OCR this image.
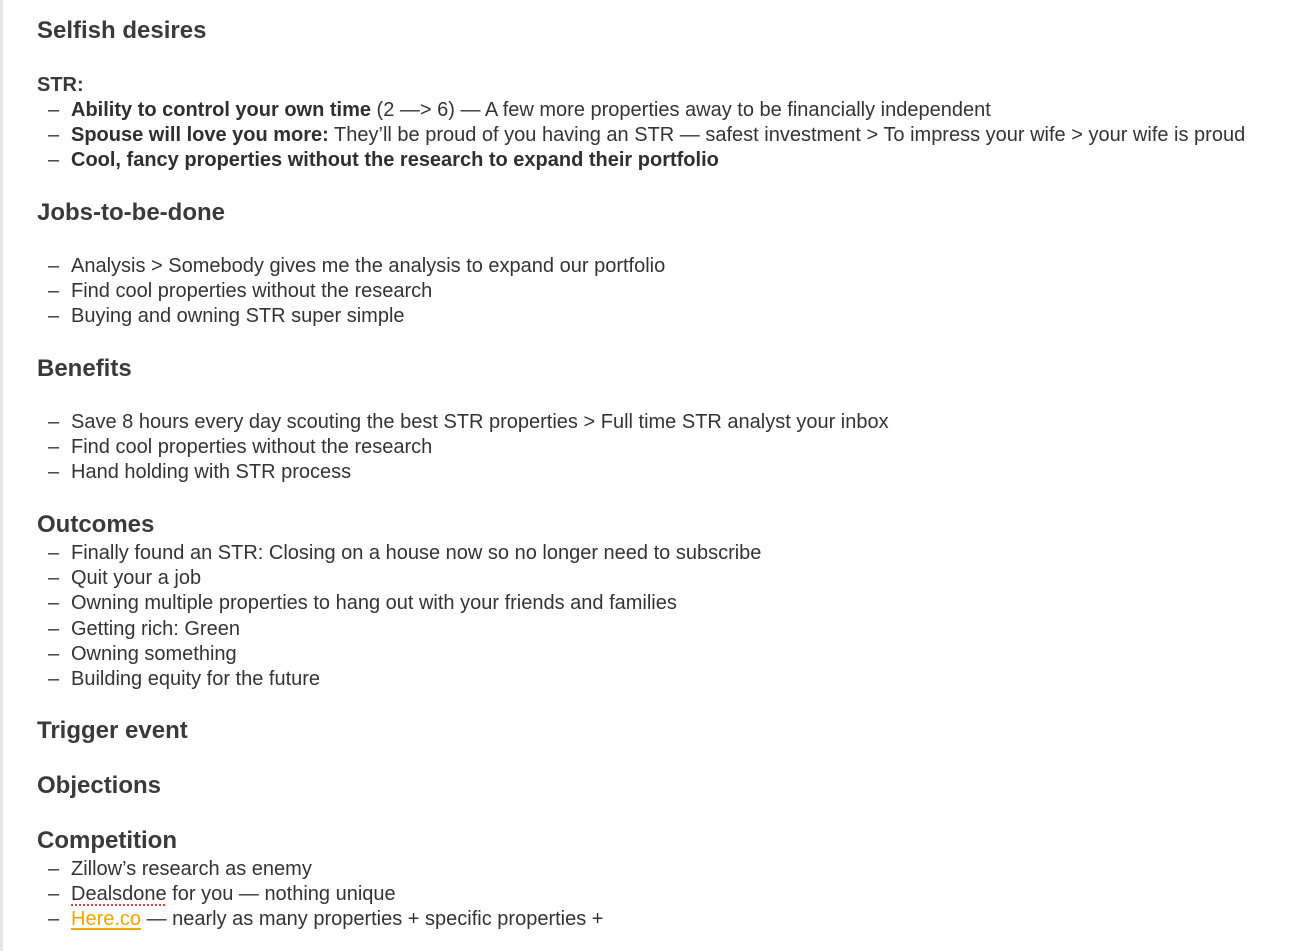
Selfish desires
STR:
– Ability to control your own time (2 —> 6) — A few more properties away to be financially independent
– Spouse will love you more: They’ll be proud of you having an STR — safest investment > To impress your wife > your wife is proud
– Cool, fancy properties without the research to expand their portfolio
Jobs-to-be-done
– Analysis > Somebody gives me the analysis to expand our portfolio
– Find cool properties without the research
– Buying and owning STR super simple
Benefits
– Save 8 hours every day scouting the best STR properties > Full time STR analyst your inbox
– Find cool properties without the research
– Hand holding with STR process
Outcomes
– Finally found an STR: Closing on a house now so no longer need to subscribe
– Quit your a job
– Owning multiple properties to hang out with your friends and families
– Getting rich: Green
– Owning something
– Building equity for the future
Trigger event
Objections
Competition
– Zillow’s research as enemy
– Dealsdone for you — nothing unique
– Here.co — nearly as many properties + specific properties +
